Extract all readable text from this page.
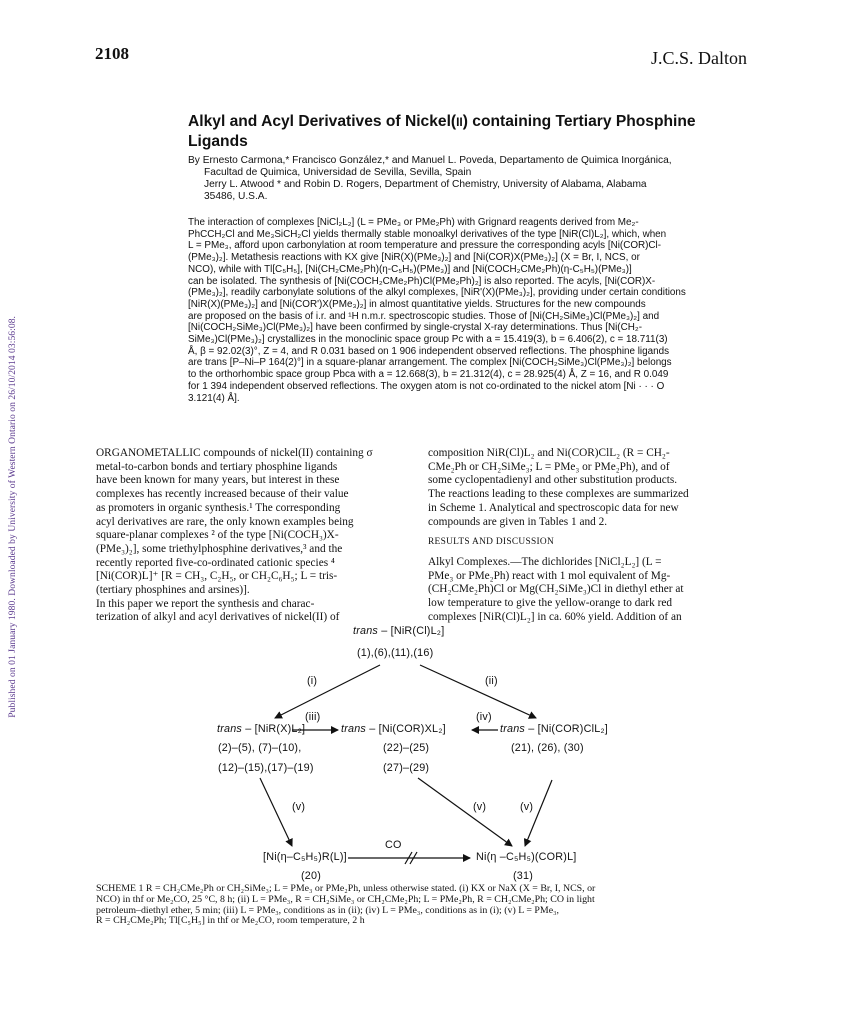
2108	J.C.S. Dalton
Published on 01 January 1980. Downloaded by University of Western Ontario on 26/10/2014 03:56:08.
Alkyl and Acyl Derivatives of Nickel(II) containing Tertiary Phosphine
Ligands
By Ernesto Carmona,* Francisco González,* and Manuel L. Poveda, Departamento de Quimica Inorgánica,
Facultad de Quimica, Universidad de Sevilla, Sevilla, Spain
Jerry L. Atwood * and Robin D. Rogers, Department of Chemistry, University of Alabama, Alabama
35486, U.S.A.
The interaction of complexes [NiCl₂L₂] (L = PMe₃ or PMe₂Ph) with Grignard reagents derived from Me₂-
PhCCH₂Cl and Me₃SiCH₂Cl yields thermally stable monoalkyl derivatives of the type [NiR(Cl)L₂], which, when
L = PMe₃, afford upon carbonylation at room temperature and pressure the corresponding acyls [Ni(COR)Cl-
(PMe₃)₂]. Metathesis reactions with KX give [NiR(X)(PMe₃)₂] and [Ni(COR)X(PMe₃)₂] (X = Br, I, NCS, or
NCO), while with Tl[C₅H₅], [Ni(CH₂CMe₂Ph)(η-C₅H₅)(PMe₃)] and [Ni(COCH₂CMe₂Ph)(η-C₅H₅)(PMe₃)]
can be isolated. The synthesis of [Ni(COCH₂CMe₂Ph)Cl(PMe₂Ph)₂] is also reported. The acyls, [Ni(COR)X-
(PMe₃)₂], readily carbonylate solutions of the alkyl complexes, [NiR'(X)(PMe₃)₂], providing under certain conditions
[NiR(X)(PMe₃)₂] and [Ni(COR')X(PMe₃)₂] in almost quantitative yields. Structures for the new compounds
are proposed on the basis of i.r. and ¹H n.m.r. spectroscopic studies. Those of [Ni(CH₂SiMe₃)Cl(PMe₃)₂] and
[Ni(COCH₂SiMe₃)Cl(PMe₃)₂] have been confirmed by single-crystal X-ray determinations. Thus [Ni(CH₂-
SiMe₃)Cl(PMe₃)₂] crystallizes in the monoclinic space group Pc with a = 15.419(3), b = 6.406(2), c = 18.711(3)
Å, β = 92.02(3)°, Z = 4, and R 0.031 based on 1 906 independent observed reflections. The phosphine ligands
are trans [P–Ni–P 164(2)°] in a square-planar arrangement. The complex [Ni(COCH₂SiMe₃)Cl(PMe₃)₂] belongs
to the orthorhombic space group Pbca with a = 12.668(3), b = 21.312(4), c = 28.925(4) Å, Z = 16, and R 0.049
for 1 394 independent observed reflections. The oxygen atom is not co-ordinated to the nickel atom [Ni · · · O
3.121(4) Å].
ORGANOMETALLIC compounds of nickel(II) containing σ
metal-to-carbon bonds and tertiary phosphine ligands
have been known for many years, but interest in these
complexes has recently increased because of their value
as promoters in organic synthesis.¹ The corresponding
acyl derivatives are rare, the only known examples being
square-planar complexes ² of the type [Ni(COCH₃)X-
(PMe₃)₂], some triethylphosphine derivatives,³ and the
recently reported five-co-ordinated cationic species ⁴
[Ni(COR)L]⁺ [R = CH₃, C₂H₅, or CH₂C₆H₅; L = tris-
(tertiary phosphines and arsines)].
In this paper we report the synthesis and charac-
terization of alkyl and acyl derivatives of nickel(II) of
composition NiR(Cl)L₂ and Ni(COR)ClL₂ (R = CH₂-
CMe₂Ph or CH₂SiMe₃; L = PMe₃ or PMe₂Ph), and of
some cyclopentadienyl and other substitution products.
The reactions leading to these complexes are summarized
in Scheme 1. Analytical and spectroscopic data for new
compounds are given in Tables 1 and 2.
RESULTS AND DISCUSSION
Alkyl Complexes.—The dichlorides [NiCl₂L₂] (L =
PMe₃ or PMe₂Ph) react with 1 mol equivalent of Mg-
(CH₂CMe₂Ph)Cl or Mg(CH₂SiMe₃)Cl in diethyl ether at
low temperature to give the yellow-orange to dark red
complexes [NiR(Cl)L₂] in ca. 60% yield. Addition of an
trans – [NiR(Cl)L₂]
(1),(6),(11),(16)
(i)	(ii)
(iii)	(iv)
trans – [NiR(X)L₂]	trans – [Ni(COR)XL₂]	trans – [Ni(COR)ClL₂]
(2)–(5), (7)–(10),
(12)–(15),(17)–(19)
(22)–(25)
(27)–(29)
(21), (26), (30)
(v)	(v)	(v)
CO
[Ni(η–C₅H₅)R(L)]	Ni(η –C₅H₅)(COR)L]
(20)	(31)
SCHEME 1 R = CH₂CMe₂Ph or CH₂SiMe₃; L = PMe₃ or PMe₂Ph, unless otherwise stated. (i) KX or NaX (X = Br, I, NCS, or
NCO) in thf or Me₂CO, 25 °C, 8 h; (ii) L = PMe₃, R = CH₂SiMe₃ or CH₂CMe₂Ph; L = PMe₂Ph, R = CH₂CMe₂Ph; CO in light
petroleum–diethyl ether, 5 min; (iii) L = PMe₃, conditions as in (ii); (iv) L = PMe₃, conditions as in (i); (v) L = PMe₃,
R = CH₂CMe₂Ph; Tl[C₅H₅] in thf or Me₂CO, room temperature, 2 h
